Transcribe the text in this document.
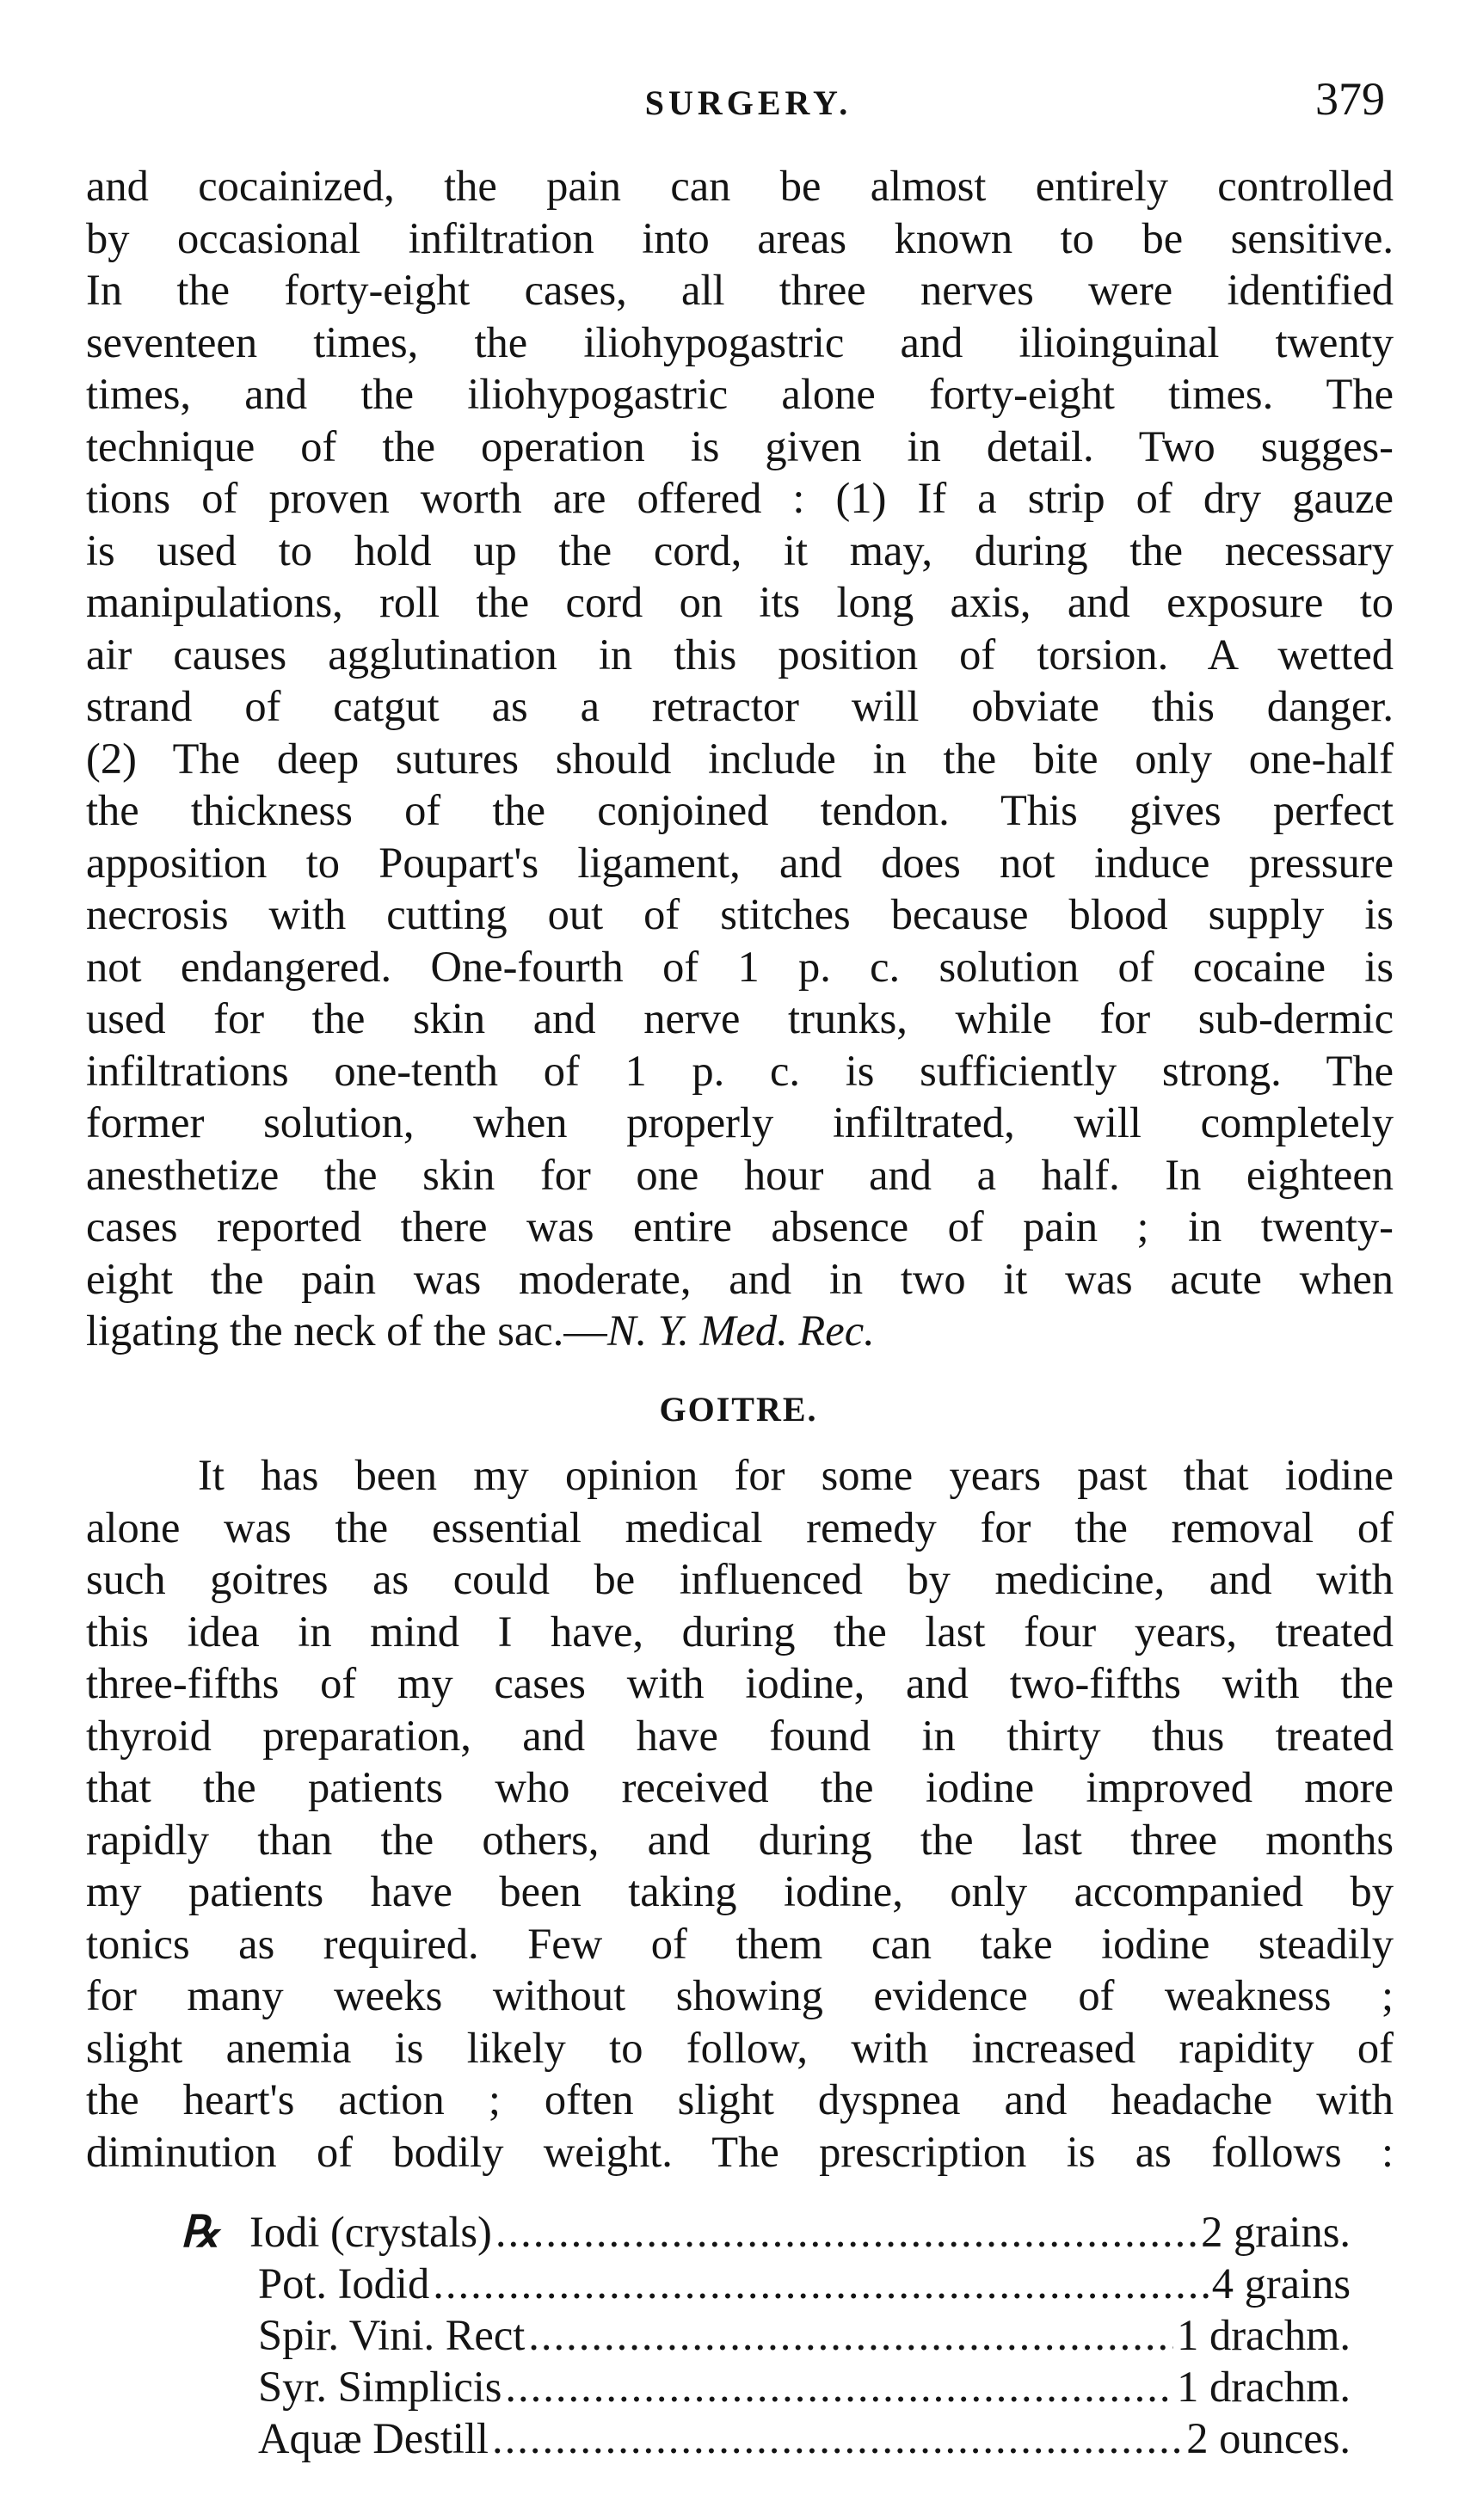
SURGERY.	379
and cocainized, the pain can be almost entirely controlled
by occasional infiltration into areas known to be sensitive.
In the forty-eight cases, all three nerves were identified
seventeen times, the iliohypogastric and ilioinguinal twenty
times, and the iliohypogastric alone forty-eight times. The
technique of the operation is given in detail. Two sugges-
tions of proven worth are offered : (1) If a strip of dry gauze
is used to hold up the cord, it may, during the necessary
manipulations, roll the cord on its long axis, and exposure to
air causes agglutination in this position of torsion. A wetted
strand of catgut as a retractor will obviate this danger.
(2) The deep sutures should include in the bite only one-half
the thickness of the conjoined tendon. This gives perfect
apposition to Poupart's ligament, and does not induce pressure
necrosis with cutting out of stitches because blood supply is
not endangered. One-fourth of 1 p. c. solution of cocaine is
used for the skin and nerve trunks, while for sub-dermic
infiltrations one-tenth of 1 p. c. is sufficiently strong. The
former solution, when properly infiltrated, will completely
anesthetize the skin for one hour and a half. In eighteen
cases reported there was entire absence of pain ; in twenty-
eight the pain was moderate, and in two it was acute when
ligating the neck of the sac.—N. Y. Med. Rec.
GOITRE.
It has been my opinion for some years past that iodine
alone was the essential medical remedy for the removal of
such goitres as could be influenced by medicine, and with
this idea in mind I have, during the last four years, treated
three-fifths of my cases with iodine, and two-fifths with the
thyroid preparation, and have found in thirty thus treated
that the patients who received the iodine improved more
rapidly than the others, and during the last three months
my patients have been taking iodine, only accompanied by
tonics as required. Few of them can take iodine steadily
for many weeks without showing evidence of weakness ;
slight anemia is likely to follow, with increased rapidity of
the heart's action ; often slight dyspnea and headache with
diminution of bodily weight. The prescription is as follows :
℞ Iodi (crystals) .....	2 grains.
Pot. Iodid .....	4 grains
Spir. Vini. Rect .....	1 drachm.
Syr. Simplicis .....	1 drachm.
Aquæ Destill .....	2 ounces.
